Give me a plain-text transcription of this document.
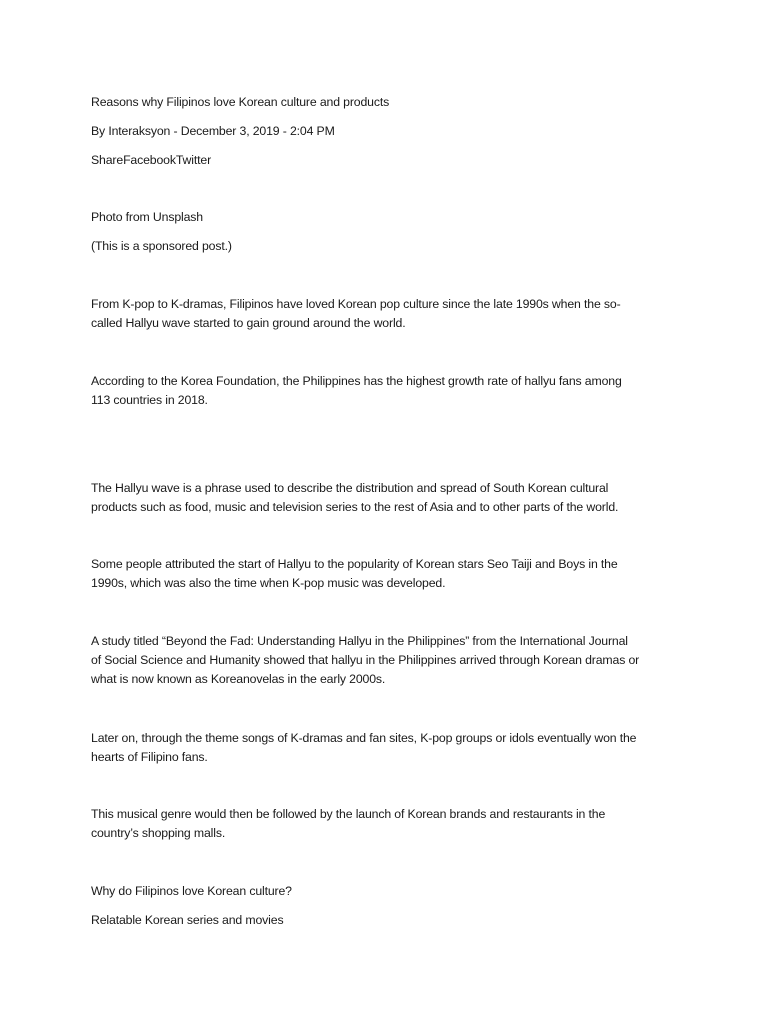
Reasons why Filipinos love Korean culture and products
By Interaksyon - December 3, 2019 - 2:04 PM
ShareFacebookTwitter
Photo from Unsplash
(This is a sponsored post.)
From K-pop to K-dramas, Filipinos have loved Korean pop culture since the late 1990s when the so-
called Hallyu wave started to gain ground around the world.
According to the Korea Foundation, the Philippines has the highest growth rate of hallyu fans among
113 countries in 2018.
The Hallyu wave is a phrase used to describe the distribution and spread of South Korean cultural
products such as food, music and television series to the rest of Asia and to other parts of the world.
Some people attributed the start of Hallyu to the popularity of Korean stars Seo Taiji and Boys in the
1990s, which was also the time when K-pop music was developed.
A study titled “Beyond the Fad: Understanding Hallyu in the Philippines” from the International Journal
of Social Science and Humanity showed that hallyu in the Philippines arrived through Korean dramas or
what is now known as Koreanovelas in the early 2000s.
Later on, through the theme songs of K-dramas and fan sites, K-pop groups or idols eventually won the
hearts of Filipino fans.
This musical genre would then be followed by the launch of Korean brands and restaurants in the
country’s shopping malls.
Why do Filipinos love Korean culture?
Relatable Korean series and movies
